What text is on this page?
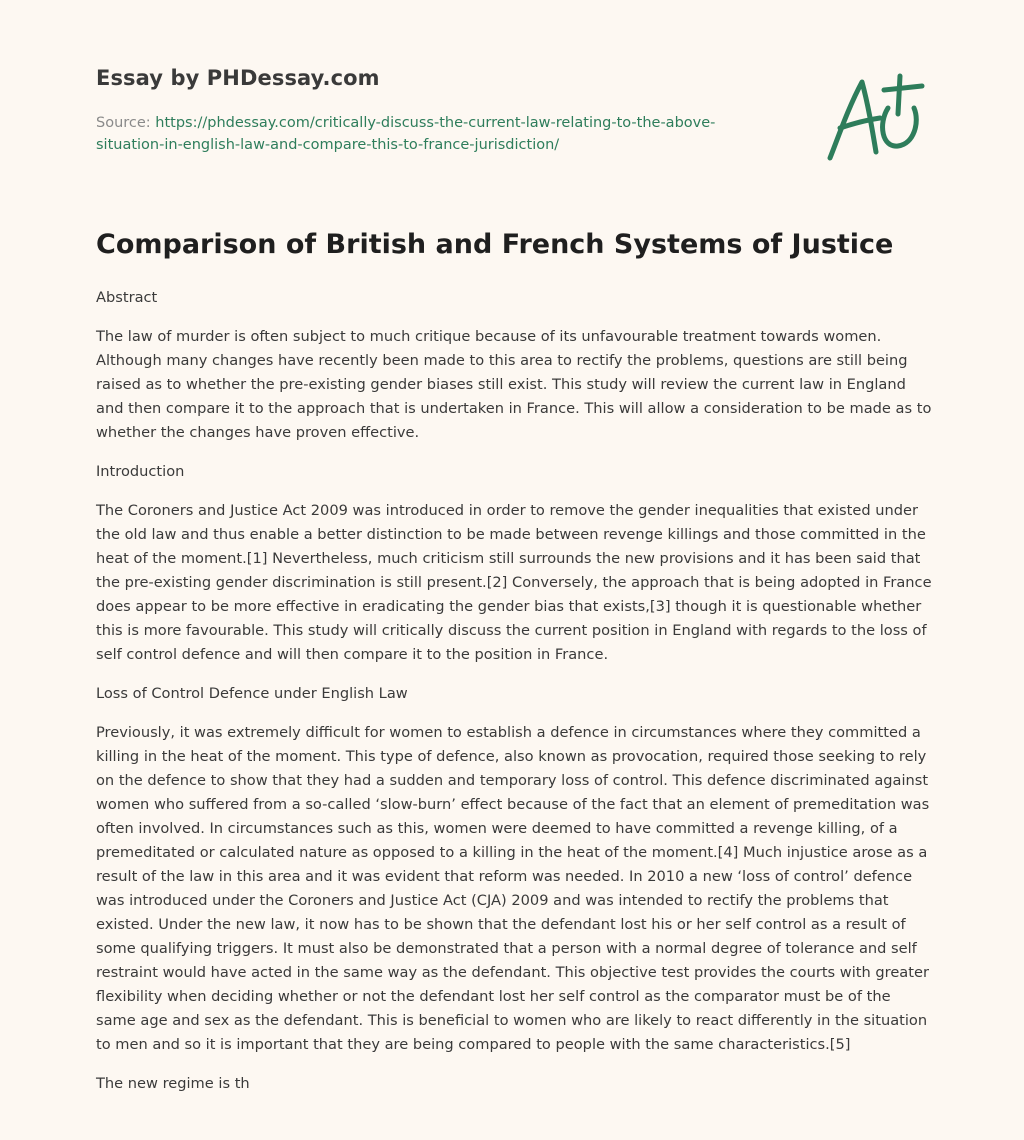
Essay by PHDessay.com
Source: https://phdessay.com/critically-discuss-the-current-law-relating-to-the-above-situation-in-english-law-and-compare-this-to-france-jurisdiction/
Comparison of British and French Systems of Justice

Abstract

The law of murder is often subject to much critique because of its unfavourable treatment towards women. Although many changes have recently been made to this area to rectify the problems, questions are still being raised as to whether the pre-existing gender biases still exist. This study will review the current law in England and then compare it to the approach that is undertaken in France. This will allow a consideration to be made as to whether the changes have proven effective.

Introduction

The Coroners and Justice Act 2009 was introduced in order to remove the gender inequalities that existed under the old law and thus enable a better distinction to be made between revenge killings and those committed in the heat of the moment.[1] Nevertheless, much criticism still surrounds the new provisions and it has been said that the pre-existing gender discrimination is still present.[2] Conversely, the approach that is being adopted in France does appear to be more effective in eradicating the gender bias that exists,[3] though it is questionable whether this is more favourable. This study will critically discuss the current position in England with regards to the loss of self control defence and will then compare it to the position in France.

Loss of Control Defence under English Law

Previously, it was extremely difficult for women to establish a defence in circumstances where they committed a killing in the heat of the moment. This type of defence, also known as provocation, required those seeking to rely on the defence to show that they had a sudden and temporary loss of control. This defence discriminated against women who suffered from a so-called ‘slow-burn’ effect because of the fact that an element of premeditation was often involved. In circumstances such as this, women were deemed to have committed a revenge killing, of a premeditated or calculated nature as opposed to a killing in the heat of the moment.[4] Much injustice arose as a result of the law in this area and it was evident that reform was needed. In 2010 a new ‘loss of control’ defence was introduced under the Coroners and Justice Act (CJA) 2009 and was intended to rectify the problems that existed. Under the new law, it now has to be shown that the defendant lost his or her self control as a result of some qualifying triggers. It must also be demonstrated that a person with a normal degree of tolerance and self restraint would have acted in the same way as the defendant. This objective test provides the courts with greater flexibility when deciding whether or not the defendant lost her self control as the comparator must be of the same age and sex as the defendant. This is beneficial to women who are likely to react differently in the situation to men and so it is important that they are being compared to people with the same characteristics.[5]

The new regime is th
